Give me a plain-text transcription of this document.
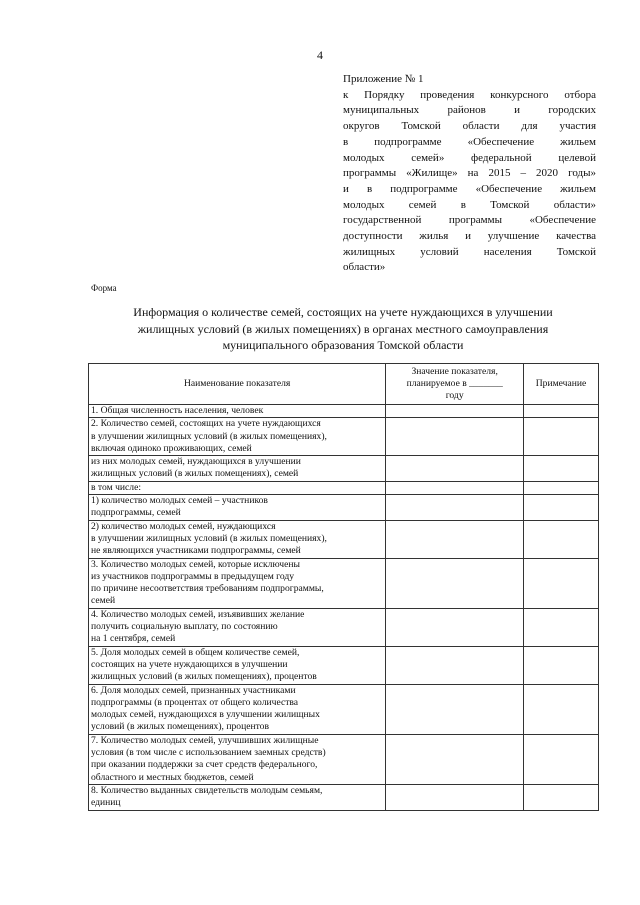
4
Приложение № 1
к Порядку проведения конкурсного отбора
муниципальных районов и городских
округов Томской области для участия
в подпрограмме «Обеспечение жильем
молодых семей» федеральной целевой
программы «Жилище» на 2015 – 2020 годы»
и в подпрограмме «Обеспечение жильем
молодых семей в Томской области»
государственной программы «Обеспечение
доступности жилья и улучшение качества
жилищных условий населения Томской
области»
Форма
Информация о количестве семей, состоящих на учете нуждающихся в улучшении
жилищных условий (в жилых помещениях) в органах местного самоуправления
муниципального образования Томской области
Наименование показателя	Значение показателя,
планируемое в _______
году	Примечание

1. Общая численность населения, человек		

2. Количество семей, состоящих на учете нуждающихся
в улучшении жилищных условий (в жилых помещениях),
включая одиноко проживающих, семей		

из них молодых семей, нуждающихся в улучшении
жилищных условий (в жилых помещениях), семей		

в том числе:		

1) количество молодых семей – участников
подпрограммы, семей		

2) количество молодых семей, нуждающихся
в улучшении жилищных условий (в жилых помещениях),
не являющихся участниками подпрограммы, семей		

3. Количество молодых семей, которые исключены
из участников подпрограммы в предыдущем году
по причине несоответствия требованиям подпрограммы,
семей		

4. Количество молодых семей, изъявивших желание
получить социальную выплату, по состоянию
на 1 сентября, семей		

5. Доля молодых семей в общем количестве семей,
состоящих на учете нуждающихся в улучшении
жилищных условий (в жилых помещениях), процентов		

6. Доля молодых семей, признанных участниками
подпрограммы (в процентах от общего количества
молодых семей, нуждающихся в улучшении жилищных
условий (в жилых помещениях), процентов		

7. Количество молодых семей, улучшивших жилищные
условия (в том числе с использованием заемных средств)
при оказании поддержки за счет средств федерального,
областного и местных бюджетов, семей		

8. Количество выданных свидетельств молодым семьям,
единиц		
